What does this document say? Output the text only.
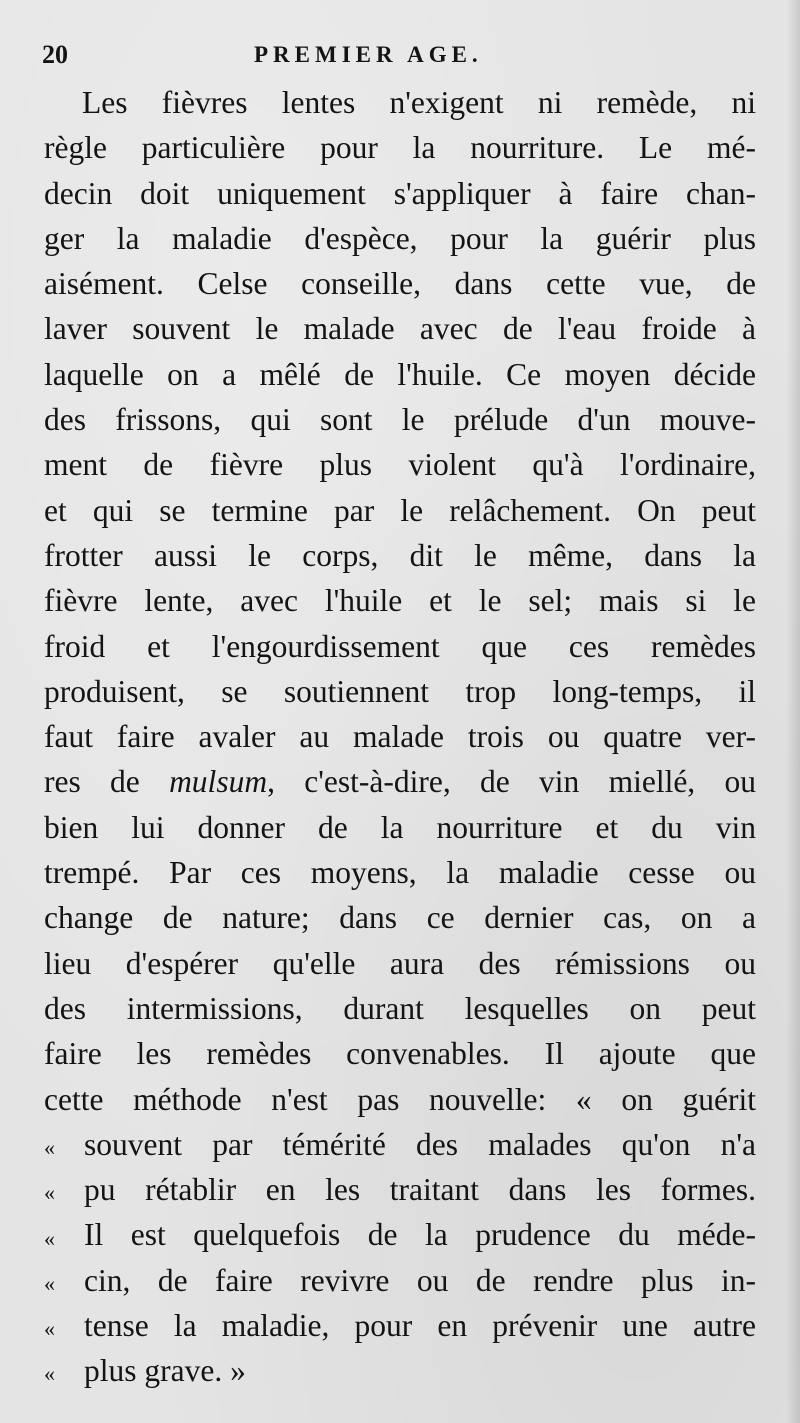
20	PREMIER AGE.
Les fièvres lentes n'exigent ni remède, ni
règle particulière pour la nourriture. Le mé-
decin doit uniquement s'appliquer à faire chan-
ger la maladie d'espèce, pour la guérir plus
aisément. Celse conseille, dans cette vue, de
laver souvent le malade avec de l'eau froide à
laquelle on a mêlé de l'huile. Ce moyen décide
des frissons, qui sont le prélude d'un mouve-
ment de fièvre plus violent qu'à l'ordinaire,
et qui se termine par le relâchement. On peut
frotter aussi le corps, dit le même, dans la
fièvre lente, avec l'huile et le sel; mais si le
froid et l'engourdissement que ces remèdes
produisent, se soutiennent trop long-temps, il
faut faire avaler au malade trois ou quatre ver-
res de mulsum, c'est-à-dire, de vin miellé, ou
bien lui donner de la nourriture et du vin
trempé. Par ces moyens, la maladie cesse ou
change de nature; dans ce dernier cas, on a
lieu d'espérer qu'elle aura des rémissions ou
des intermissions, durant lesquelles on peut
faire les remèdes convenables. Il ajoute que
cette méthode n'est pas nouvelle: « on guérit
« souvent par témérité des malades qu'on n'a
« pu rétablir en les traitant dans les formes.
« Il est quelquefois de la prudence du méde-
« cin, de faire revivre ou de rendre plus in-
« tense la maladie, pour en prévenir une autre
« plus grave. »
